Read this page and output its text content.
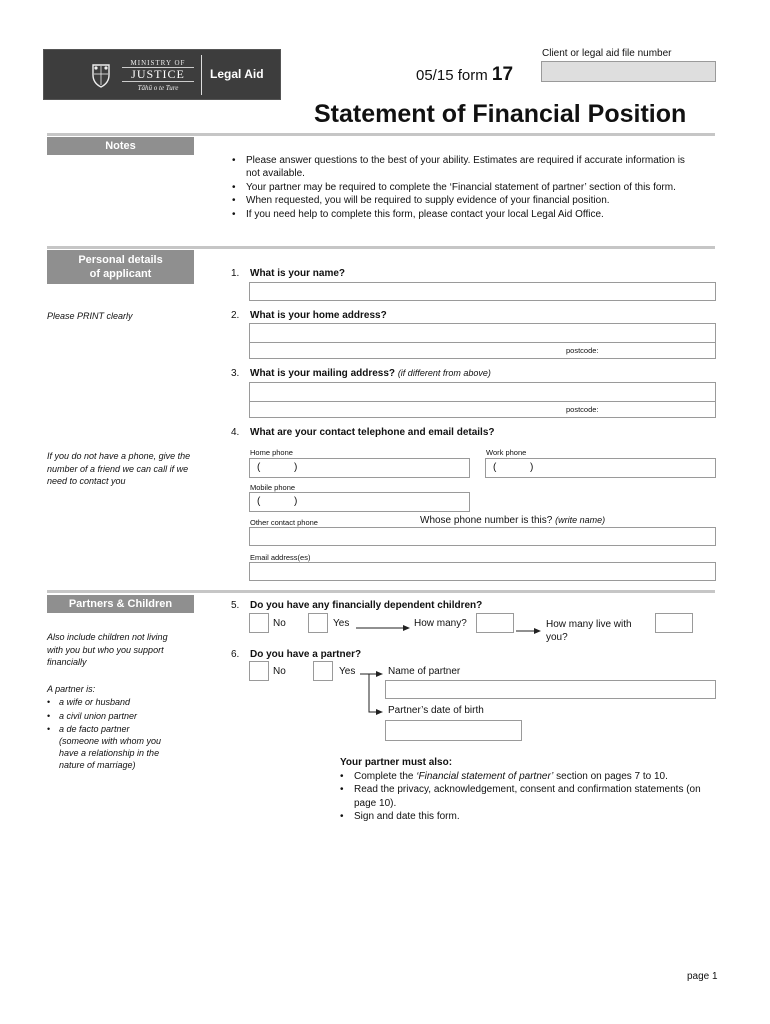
MINISTRY OF
JUSTICE
Tāhū o te Ture
Legal Aid
Client or legal aid file number
05/15 form 17
Statement of Financial Position
Notes
• Please answer questions to the best of your ability. Estimates are required if accurate information is not available.
• Your partner may be required to complete the ‘Financial statement of partner’ section of this form.
• When requested, you will be required to supply evidence of your financial position.
• If you need help to complete this form, please contact your local Legal Aid Office.
Personal details
of applicant	1. What is your name?
Please PRINT clearly	2. What is your home address?
postcode:
3. What is your mailing address? (if different from above)
postcode:
4. What are your contact telephone and email details?
If you do not have a phone, give the number of a friend we can call if we need to contact you
Home phone
(	)
Work phone
(	)
Mobile phone
(	)
Other contact phone	Whose phone number is this? (write name)
Email address(es)
Partners & Children
Also include children not living with you but who you support financially
A partner is:
• a wife or husband
• a civil union partner
• a de facto partner (someone with whom you have a relationship in the nature of marriage)
5. Do you have any financially dependent children?
No	Yes	How many?	How many live with you?
6. Do you have a partner?
No	Yes	Name of partner
Partner’s date of birth
Your partner must also:
• Complete the ‘Financial statement of partner’ section on pages 7 to 10.
• Read the privacy, acknowledgement, consent and confirmation statements (on page 10).
• Sign and date this form.
page 1
